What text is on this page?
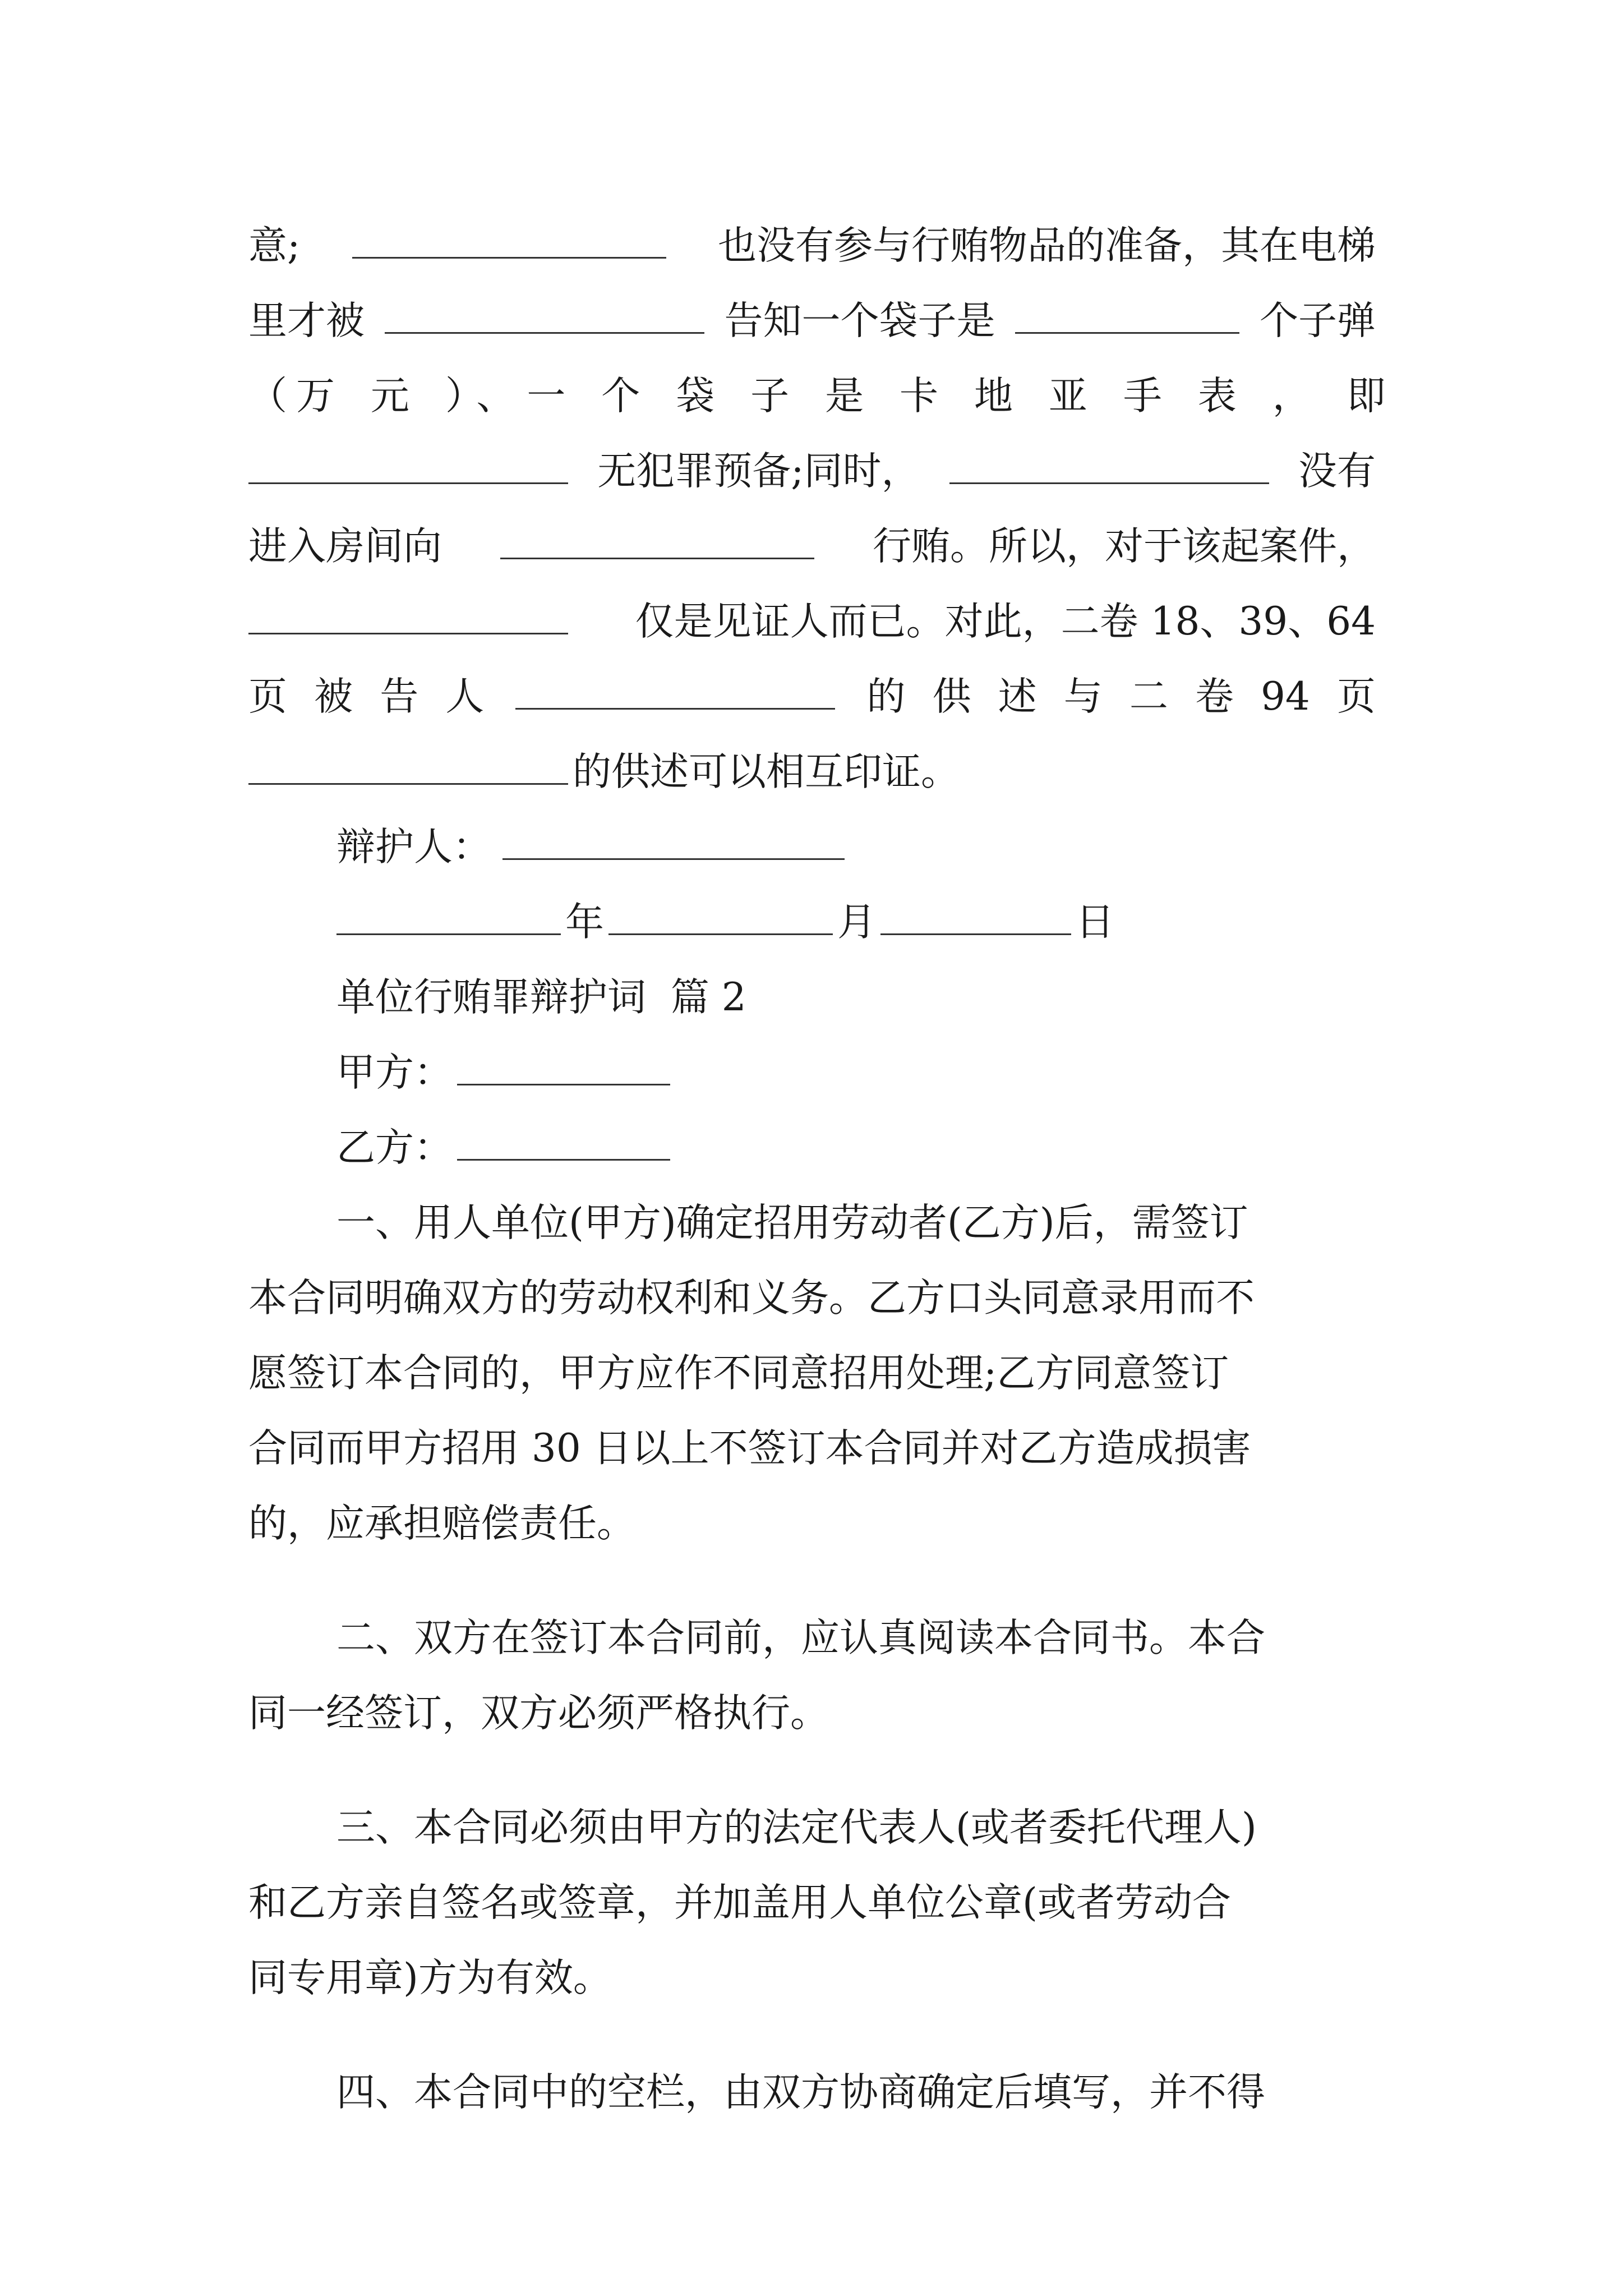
意;	也没有参与行贿物品的准备，其在电梯
里才被	告知一个袋子是	个子弹
（ 万 元 ）、一 个 袋 子 是 卡 地 亚 手 表 ， 即
无犯罪预备;同时，	没有
进入房间向	行贿。所以，对于该起案件，
仅是见证人而已。对此，二卷 18、39、64
页 被 告 人	的 供 述 与 二 卷 94 页
的供述可以相互印证。
辩护人：
年	月	日
单位行贿罪辩护词  篇 2
甲方：
乙方：
一、用人单位(甲方)确定招用劳动者(乙方)后，需签订
本合同明确双方的劳动权利和义务。乙方口头同意录用而不
愿签订本合同的，甲方应作不同意招用处理;乙方同意签订
合同而甲方招用 30 日以上不签订本合同并对乙方造成损害
的，应承担赔偿责任。
二、双方在签订本合同前，应认真阅读本合同书。本合
同一经签订，双方必须严格执行。
三、本合同必须由甲方的法定代表人(或者委托代理人)
和乙方亲自签名或签章，并加盖用人单位公章(或者劳动合
同专用章)方为有效。
四、本合同中的空栏，由双方协商确定后填写，并不得
